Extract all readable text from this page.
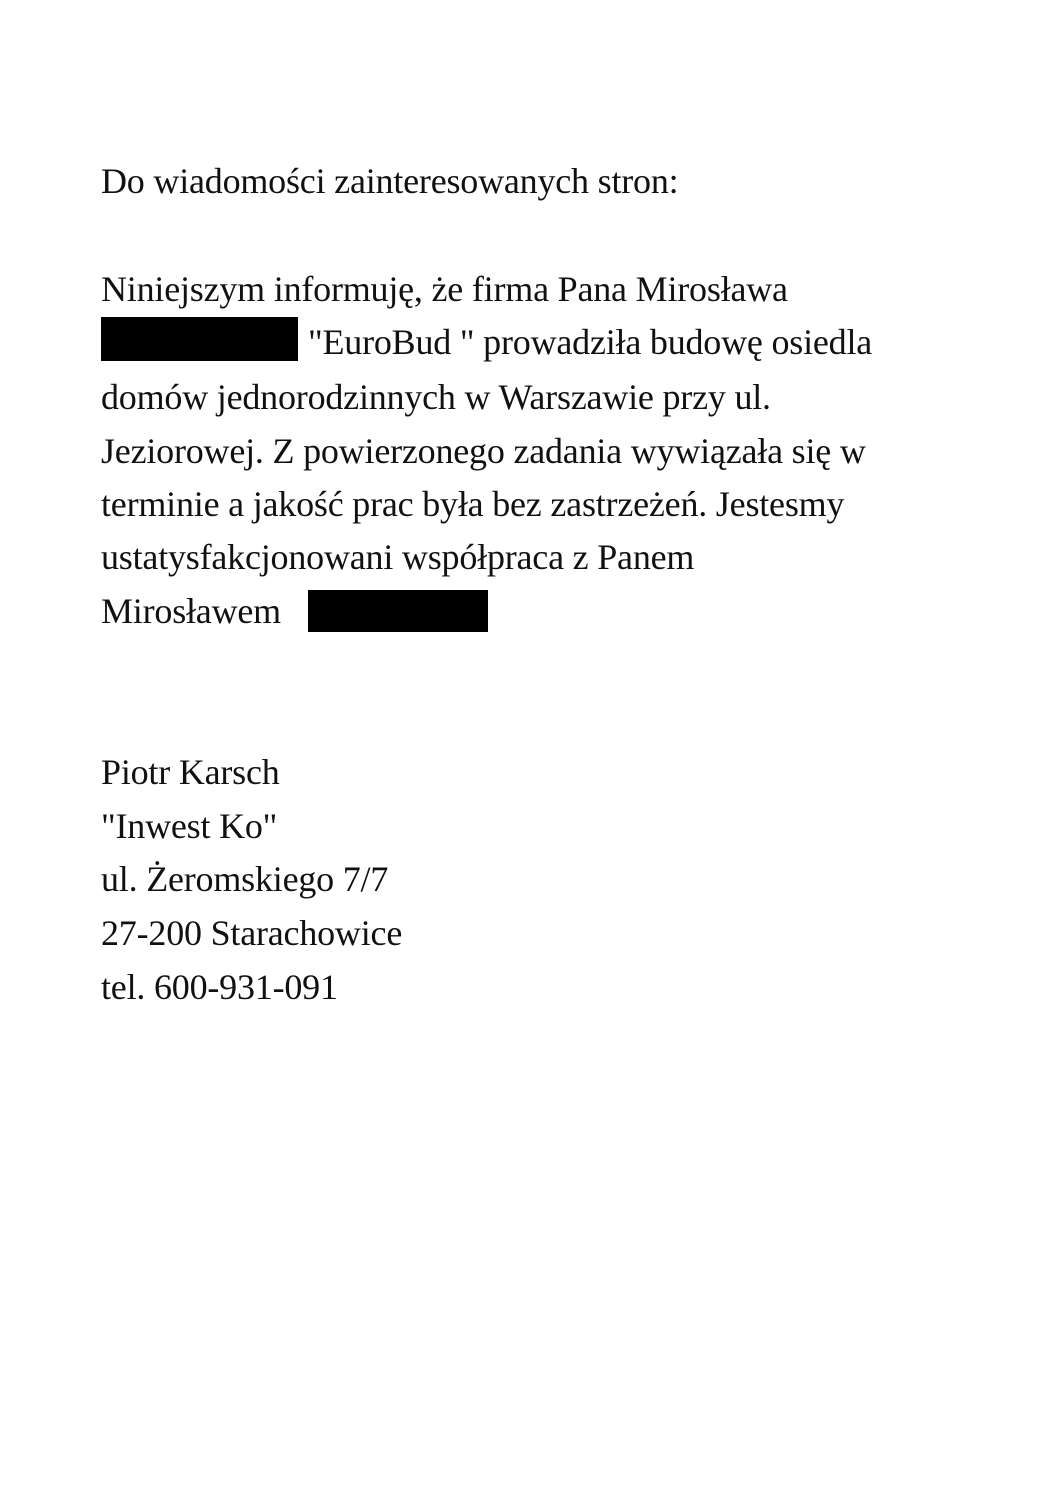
Do wiadomości zainteresowanych stron:
Niniejszym informuję, że firma Pana Mirosława
"EuroBud " prowadziła budowę osiedla
domów jednorodzinnych w Warszawie przy ul.
Jeziorowej. Z powierzonego zadania wywiązała się w
terminie a jakość prac była bez zastrzeżeń. Jestesmy
ustatysfakcjonowani współpraca z Panem
Mirosławem
Piotr Karsch
"Inwest Ko"
ul. Żeromskiego 7/7
27-200 Starachowice
tel. 600-931-091
